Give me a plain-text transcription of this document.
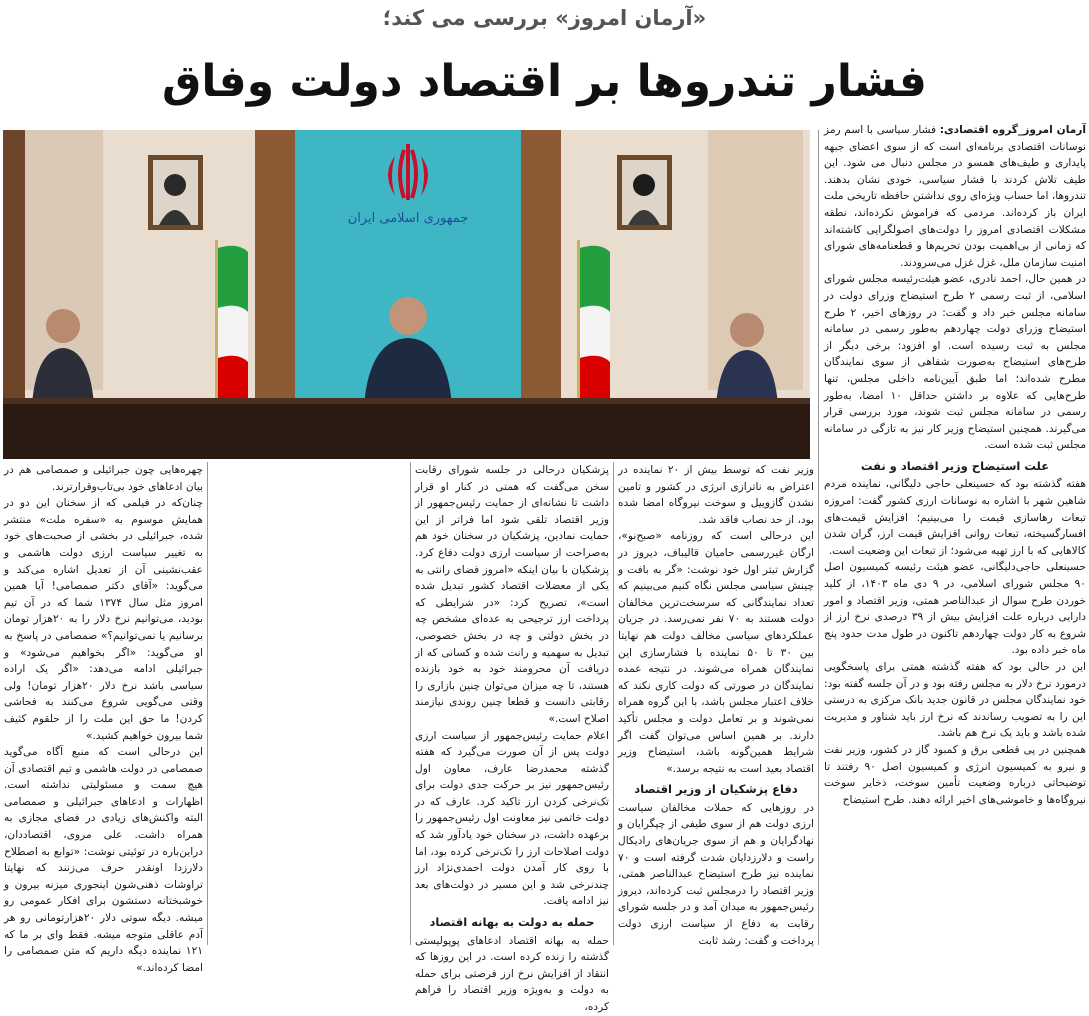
«آرمان امروز» بررسی می کند؛
فشار تندروها بر اقتصاد دولت وفاق
جمهوری اسلامی ایران

آرمان امروز_گروه اقتصادی: فشار سیاسی با اسم رمز نوسانات اقتصادی برنامه‌ای است که از سوی اعضای جبهه پایداری و طیف‌های همسو در مجلس دنبال می شود. این طیف تلاش کردند با فشار سیاسی، خودی نشان بدهند. تندروها، اما حساب ویژه‌ای روی نداشتن حافظه تاریخی ملت ایران باز کرده‌اند. مردمی که فراموش نکرده‌اند، نطقه مشکلات اقتصادی امروز را دولت‌های اصولگرایی کاشته‌اند که زمانی از بی‌اهمیت بودن تحریم‌ها و قطعنامه‌های شورای امنیت سازمان ملل، غزل غزل می‌سرودند.

در همین حال، احمد نادری، عضو هیئت‌رئیسه مجلس شورای اسلامی، از ثبت رسمی ۲ طرح استیضاح وزرای دولت در سامانه مجلس خبر داد و گفت: در روزهای اخیر، ۲ طرح استیضاح وزرای دولت چهاردهم به‌طور رسمی در سامانه مجلس به ثبت رسیده است. او افزود: برخی دیگر از طرح‌های استیضاح به‌صورت شفاهی از سوی نمایندگان مطرح شده‌اند؛ اما طبق آیین‌نامه داخلی مجلس، تنها طرح‌هایی که علاوه بر داشتن حداقل ۱۰ امضا، به‌طور رسمی در سامانه مجلس ثبت شوند، مورد بررسی قرار می‌گیرند. همچنین استیضاح وزیر کار نیز به تازگی در سامانه مجلس ثبت شده است.

علت استیضاح وزیر اقتصاد و نفت

هفته گذشته بود که حسینعلی حاجی دلیگانی، نماینده مردم شاهین شهر با اشاره به نوسانات ارزی کشور گفت: امروزه تبعات رهاسازی قیمت را می‌بینیم؛ افزایش قیمت‌های افسارگسیخته، تبعات روانی افزایش قیمت ارز، گران شدن کالاهایی که با ارز تهیه می‌شود؛ از تبعات این وضعیت است.

حسینعلی حاجی‌دلیگانی، عضو هیئت رئیسه کمیسیون اصل ۹۰ مجلس شورای اسلامی، در ۹ دی ماه ۱۴۰۳، از کلید خوردن طرح سوال از عبدالناصر همتی، وزیر اقتصاد و امور دارایی درباره علت افزایش بیش از ۳۹ درصدی نرخ ارز از شروع به کار دولت چهاردهم تاکنون در طول مدت حدود پنج ماه خبر داده بود.

این در حالی بود که هفته گذشته همتی برای پاسخگویی درمورد نرخ دلار به مجلس رفته بود و در آن جلسه گفته بود: خود نمایندگان مجلس در قانون جدید بانک مرکزی به درستی این را به تصویب رساندند که نرخ ارز باید شناور و مدیریت شده باشد و باید یک نرخ هم باشد.

همچنین در پی قطعی برق و کمبود گاز در کشور، وزیر نفت و نیرو به کمیسیون انرژی و کمیسیون اصل ۹۰ رفتند تا توضیحاتی درباره وضعیت تأمین سوخت، ذخایر سوخت نیروگاه‌ها و خاموشی‌های اخیر ارائه دهند. طرح استیضاح

وزیر نفت که توسط بیش از ۲۰ نماینده در اعتراض به ناترازی انرژی در کشور و تامین نشدن گازوییل و سوخت نیروگاه امضا شده بود، از حد نصاب فاقد شد.

این درحالی است که روزنامه «صبح‌نو»، ارگان غیررسمی حامیان قالیباف، دیروز در گزارش تیتر اول خود نوشت: «گر به بافت و چینش سیاسی مجلس نگاه کنیم می‌بینیم که تعداد نمایندگانی که سرسخت‌ترین مخالفان دولت هستند به ۷۰ نفر نمی‌رسد. در جریان عملکردهای سیاسی مخالف دولت هم نهایتا بین ۳۰ تا ۵۰ نماینده با فشارسازی این نمایندگان همراه می‌شوند. در نتیجه عمده نمایندگان در صورتی که دولت کاری نکند که خلاف اعتبار مجلس باشد، با این گروه همراه نمی‌شوند و بر تعامل دولت و مجلس تأکید دارند. بر همین اساس می‌توان گفت اگر شرایط همین‌گونه باشد، استیضاح وزیر اقتصاد بعید است به نتیجه برسد.»

دفاع پزشکیان از وزیر اقتصاد

در روزهایی که حملات مخالفان سیاست ارزی دولت هم از سوی طیفی از چپگرایان و نهادگرایان و هم از سوی جریان‌های رادیکال راست و دلارزدایان شدت گرفته است و ۷۰ نماینده نیز طرح استیضاح عبدالناصر همتی، وزیر اقتصاد را درمجلس ثبت کرده‌اند، دیروز رئیس‌جمهور به میدان آمد و در جلسه شورای رقابت به دفاع از سیاست ارزی دولت پرداخت و گفت: رشد ثابت

پزشکیان درحالی در جلسه شورای رقابت سخن می‌گفت که همتی در کنار او قرار داشت تا نشانه‌ای از حمایت رئیس‌جمهور از وزیر اقتصاد تلقی شود اما فراتر از این حمایت نمادین، پزشکیان در سخنان خود هم به‌صراحت از سیاست ارزی دولت دفاع کرد. پزشکیان با بیان اینکه «امروز فضای رانتی به یکی از معضلات اقتصاد کشور تبدیل شده است»، تصریح کرد: «در شرایطی که پرداخت ارز ترجیحی به عده‌ای مشخص چه در بخش دولتی و چه در بخش خصوصی، تبدیل به سهمیه و رانت شده و کسانی که از دریافت آن محرومند خود به خود بازنده هستند، تا چه میزان می‌توان چنین بازاری را رقابتی دانست و قطعا چنین روندی نیازمند اصلاح است.»

اعلام حمایت رئیس‌جمهور از سیاست ارزی دولت پس از آن صورت می‌گیرد که هفته گذشته محمدرضا عارف، معاون اول رئیس‌جمهور نیز بر حرکت جدی دولت برای تک‌نرخی کردن ارز تاکید کرد. عارف که در دولت خاتمی نیز معاونت اول رئیس‌جمهور را برعهده داشت، در سخنان خود یادآور شد که دولت اصلاحات ارز را تک‌نرخی کرده بود، اما با روی کار آمدن دولت احمدی‌نژاد ارز چندنرخی شد و این مسیر در دولت‌های بعد نیز ادامه یافت.

حمله به دولت به بهانه اقتصاد

حمله به بهانه اقتصاد ادعاهای پوپولیستی گذشته را زنده کرده است. در این روزها که انتقاد از افزایش نرخ ارز فرصتی برای حمله به دولت و به‌ویژه وزیر اقتصاد را فراهم کرده،

چهره‌هایی چون جبرائیلی و صمصامی هم در بیان ادعاهای خود بی‌تاب‌وقرارترند.

چنان‌که در فیلمی که از سخنان این دو در همایش موسوم به «سفره ملت» منتشر شده، جبرائیلی در بخشی از صحبت‌های خود به تغییر سیاست ارزی دولت هاشمی و عقب‌نشینی آن از تعدیل اشاره می‌کند و می‌گوید: «آقای دکتر صمصامی! آیا همین امروز مثل سال ۱۳۷۴ شما که در آن تیم بودید، می‌توانیم نرخ دلار را به ۲۰هزار تومان برسانیم یا نمی‌توانیم؟» صمصامی در پاسخ به او می‌گوید: «اگر بخواهیم می‌شود» و جبرائیلی ادامه می‌دهد: «اگر یک اراده سیاسی باشد نرخ دلار ۲۰هزار تومان! ولی وقتی می‌گویی شروع می‌کنند به فحاشی کردن! ما حق این ملت را از حلقوم کثیف شما بیرون خواهیم کشید.»

این درحالی است که منبع آگاه می‌گوید صمصامی در دولت هاشمی و تیم اقتصادی آن هیچ سمت و مسئولیتی نداشته است. اظهارات و ادعاهای جبرائیلی و صمصامی البته واکنش‌های زیادی در فضای مجازی به همراه داشت. علی مروی، اقتصاددان، دراین‌باره در توئیتی نوشت: «توابع به اصطلاح دلارزدا اونقدر حرف می‌زنند که نهایتا تراوشات ذهنی‌شون اینجوری میزنه بیرون و خوشبختانه دستشون برای افکار عمومی رو میشه. دیگه سوتی دلار ۲۰هزارتومانی رو هر آدم عاقلی متوجه میشه. فقط وای بر ما که ۱۲۱ نماینده دیگه داریم که متن صمصامی را امضا کرده‌اند.»
